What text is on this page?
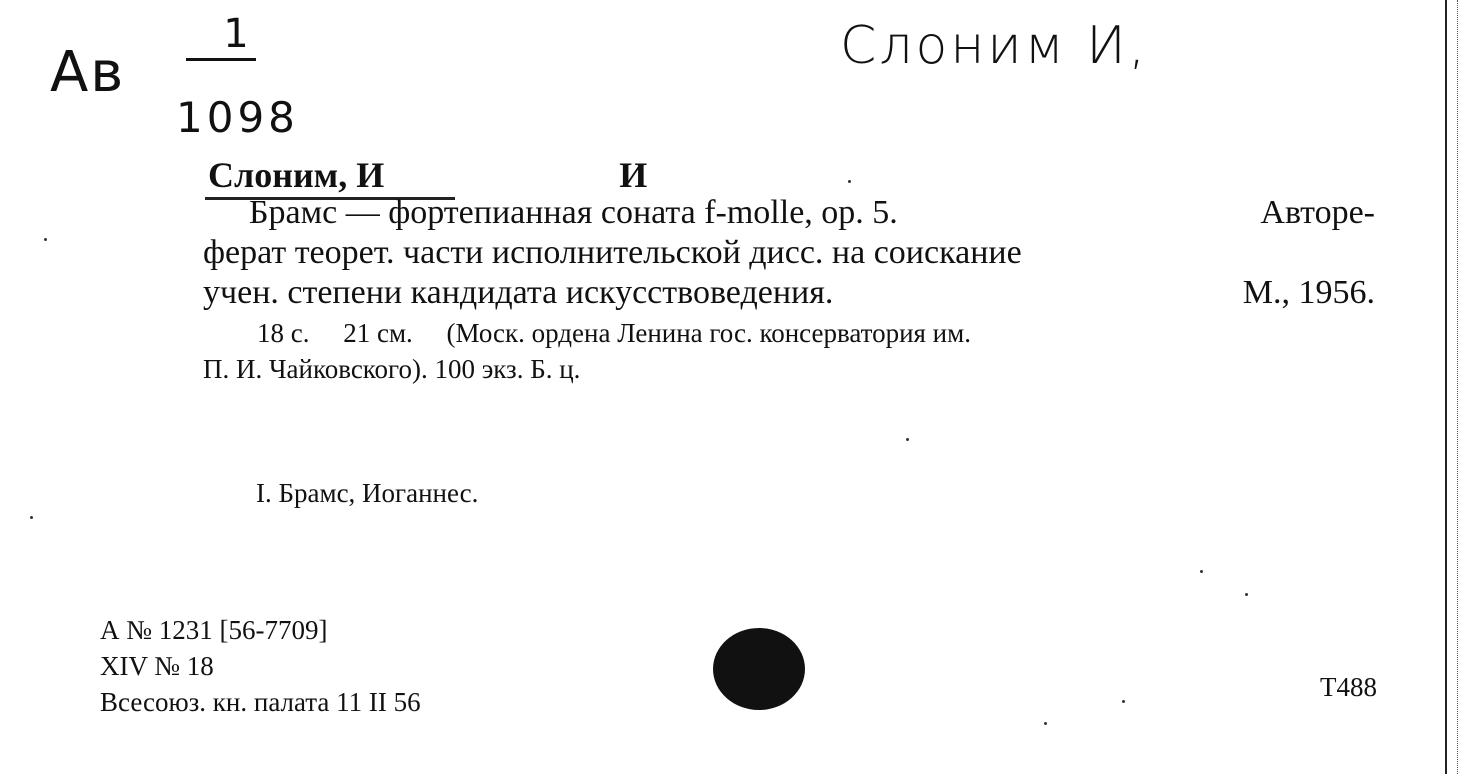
Ав
1
1098
Слоним И,
Слоним, И	И
Брамс — фортепианная соната f-molle, ор. 5.	Авторе-
ферат теорет. части исполнительской дисс. на соискание
учен. степени кандидата искусствоведения.	М., 1956.
18 с.     21 см.     (Моск. ордена Ленина гос. консерватория им.
П. И. Чайковского). 100 экз. Б. ц.
I. Брамс, Иоганнес.
А № 1231 [56-7709]
XIV № 18
Всесоюз. кн. палата 11 II 56	T488
